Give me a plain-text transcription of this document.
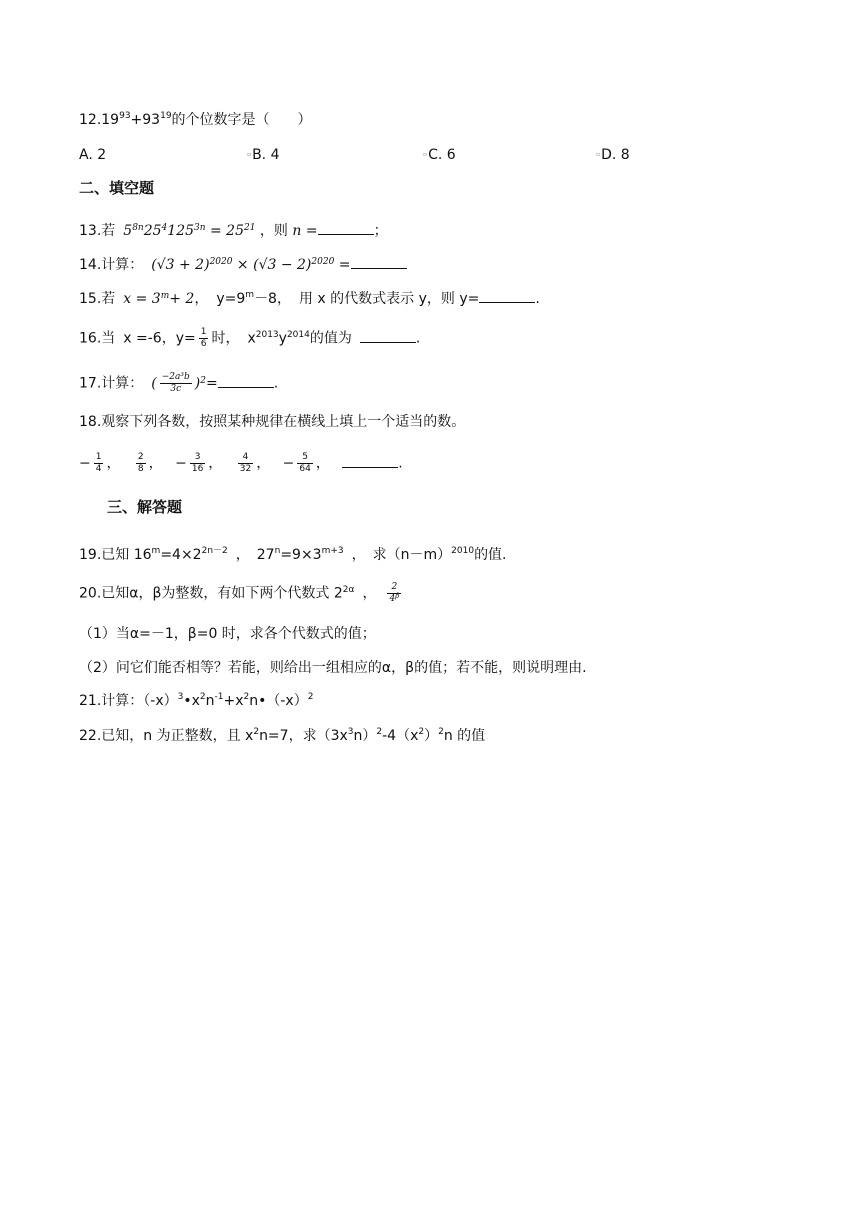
$12.19^{93}+93^{19}$的个位数字是（　　）
A. 2	▫B. 4	▫C. 6	▫D. 8
二、填空题
13.若 $5^{8n}25^4125^{3n} = 25^{21}$ ，则 n =	；
14.计算： $(√3 + 2)^{2020} \times (√3 - 2)^{2020}$ =
15.若 $x = 3^m+ 2$， $y=9^m-8$， 用 x 的代数式表示 y，则 y=	.
16.当 x =-6，$y= \frac{1}{6}$ 时， $x^{2013}y^{2014}$的值为	.
17.计算： ( $\frac{\text{−2a³b}}{3c} )^2=$	.
18.观察下列各数，按照某种规律在横线上填上一个适当的数。
− $\frac{1}{4}$ ， $\frac{2}{8}$ ， − $\frac{3}{16}$ ， $\frac{4}{32}$ ， − $\frac{5}{64}$ ，	.
三、解答题
19.已知 $16^m=4\times 2^{2n-2}$ ，　$27^n=9\times 3^{m+3}$ ，　求$(n-m)^{2010}$的值.
20.已知α，β为整数，有如下两个代数式 $2^{2\alpha}$ ， $\frac{2}{4^\beta}$
（1）当α=－1，β=0 时，求各个代数式的值；
（2）问它们能否相等？若能，则给出一组相应的α，β的值；若不能，则说明理由.
21.计算：$(-x)^3•x^2n^{-1}+x^2n•(-x)^2$
22.已知，n 为正整数，且 $x^2n=7$，求$(3x^3n)^2-4(x^2)^2n$ 的值
